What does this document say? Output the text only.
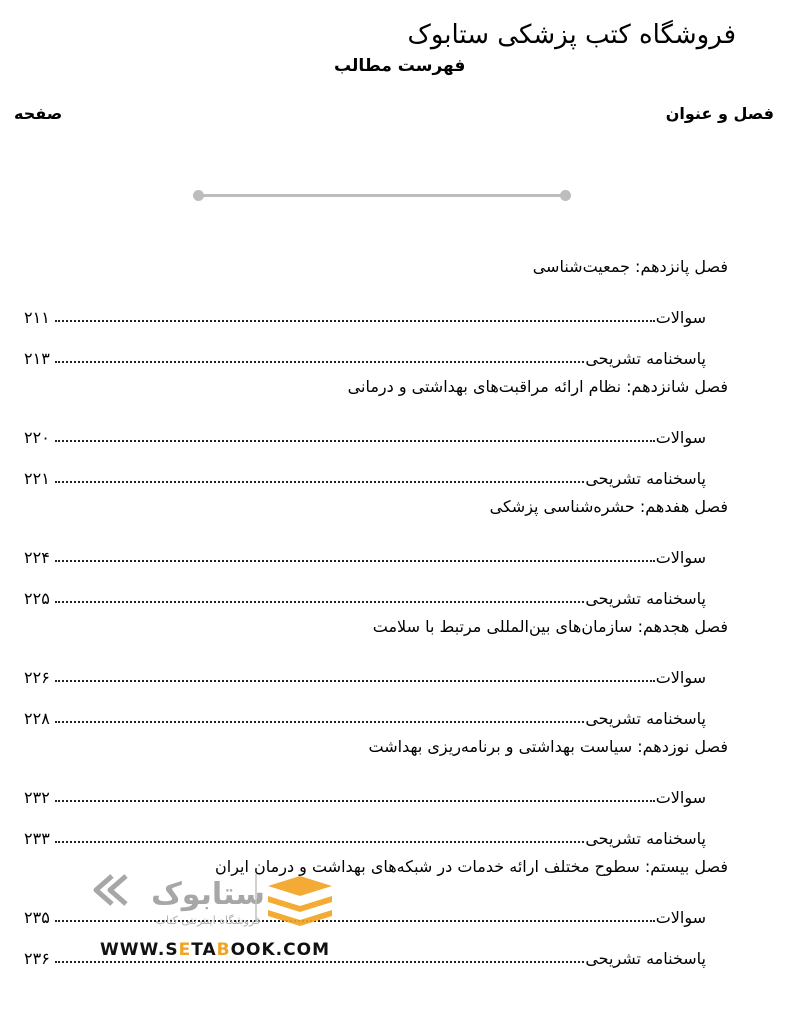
فروشگاه کتب پزشکی ستابوک
فهرست مطالب
فصل و عنوان
صفحه
فصل پانزدهم: جمعیت‌شناسی
سوالات
۲۱۱
پاسخنامه تشریحی
۲۱۳
فصل شانزدهم: نظام ارائه مراقبت‌های بهداشتی و درمانی
سوالات
۲۲۰
پاسخنامه تشریحی
۲۲۱
فصل هفدهم: حشره‌شناسی پزشکی
سوالات
۲۲۴
پاسخنامه تشریحی
۲۲۵
فصل هجدهم: سازمان‌های بین‌المللی مرتبط با سلامت
سوالات
۲۲۶
پاسخنامه تشریحی
۲۲۸
فصل نوزدهم: سیاست بهداشتی و برنامه‌ریزی بهداشت
سوالات
۲۳۲
پاسخنامه تشریحی
۲۳۳
فصل بیستم: سطوح مختلف ارائه خدمات در شبکه‌های بهداشت و درمان ایران
سوالات
۲۳۵
پاسخنامه تشریحی
۲۳۶
ستابوک
فروشگاه اینترنتی کتاب
WWW.SETABOOK.COM
